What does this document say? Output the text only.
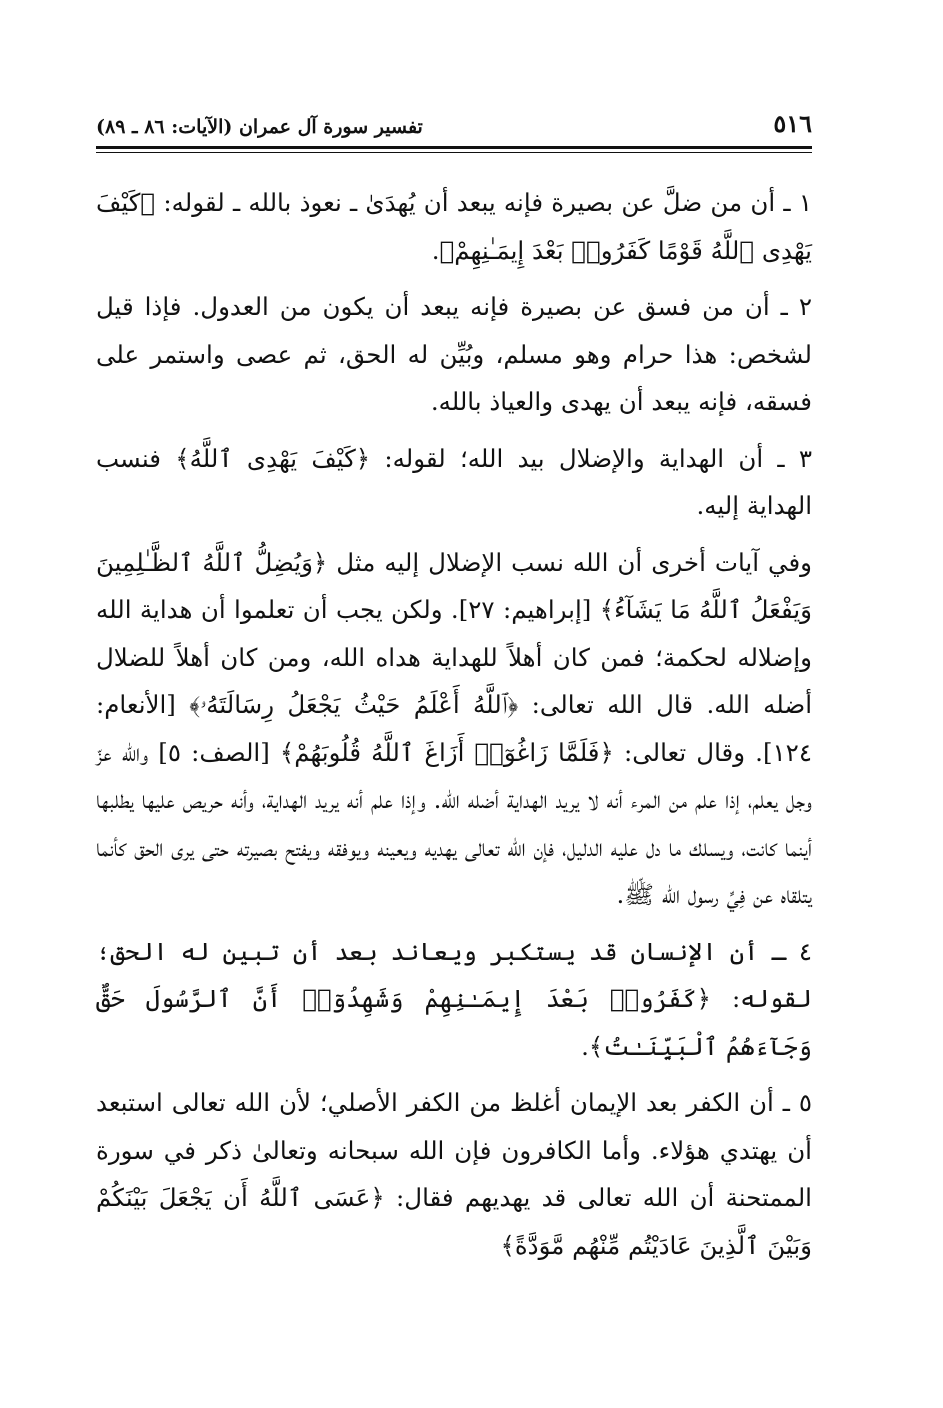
٥١٦
تفسير سورة آل عمران (الآيات: ٨٦ ـ ٨٩)

١ ـ أن من ضلَّ عن بصيرة فإنه يبعد أن يُهدَىٰ ـ نعوذ بالله ـ لقوله: ﴿كَيْفَ يَهْدِى ٱللَّهُ قَوْمًا كَفَرُوا۟ بَعْدَ إِيمَـٰنِهِمْ﴾.

٢ ـ أن من فسق عن بصيرة فإنه يبعد أن يكون من العدول. فإذا قيل لشخص: هذا حرام وهو مسلم، وبُيِّن له الحق، ثم عصى واستمر على فسقه، فإنه يبعد أن يهدى والعياذ بالله.

٣ ـ أن الهداية والإضلال بيد الله؛ لقوله: ﴿كَيْفَ يَهْدِى ٱللَّهُ﴾ فنسب الهداية إليه.

وفي آيات أخرى أن الله نسب الإضلال إليه مثل ﴿وَيُضِلُّ ٱللَّهُ ٱلظَّـٰلِمِينَ وَيَفْعَلُ ٱللَّهُ مَا يَشَآءُ﴾ [إبراهيم: ٢٧]. ولكن يجب أن تعلموا أن هداية الله وإضلاله لحكمة؛ فمن كان أهلاً للهداية هداه الله، ومن كان أهلاً للضلال أضله الله. قال الله تعالى: ﴿ٱللَّهُ أَعْلَمُ حَيْثُ يَجْعَلُ رِسَالَتَهُۥ﴾ [الأنعام: ١٢٤]. وقال تعالى: ﴿فَلَمَّا زَاغُوٓا۟ أَزَاغَ ٱللَّهُ قُلُوبَهُمْ﴾ [الصف: ٥] والله عزّ وجل يعلم، إذا علم من المرء أنه لا يريد الهداية أضله الله. وإذا علم أنه يريد الهداية، وأنه حريص عليها يطلبها أينما كانت، ويسلك ما دل عليه الدليل، فإن الله تعالى يهديه ويعينه ويوفقه ويفتح بصيرته حتى يرى الحق كأنما يتلقاه عن فِيِّ رسول الله ﷺ.

٤ ـ أن الإنسان قد يستكبر ويعاند بعد أن تبين له الحق؛ لقوله: ﴿كَفَرُوا۟ بَعْدَ إِيمَـٰنِهِمْ وَشَهِدُوٓا۟ أَنَّ ٱلرَّسُولَ حَقٌّ وَجَآءَهُمُ ٱلْبَيِّنَـٰتُ﴾.

٥ ـ أن الكفر بعد الإيمان أغلظ من الكفر الأصلي؛ لأن الله تعالى استبعد أن يهتدي هؤلاء. وأما الكافرون فإن الله سبحانه وتعالىٰ ذكر في سورة الممتحنة أن الله تعالى قد يهديهم فقال: ﴿عَسَى ٱللَّهُ أَن يَجْعَلَ بَيْنَكُمْ وَبَيْنَ ٱلَّذِينَ عَادَيْتُم مِّنْهُم مَّوَدَّةً﴾
